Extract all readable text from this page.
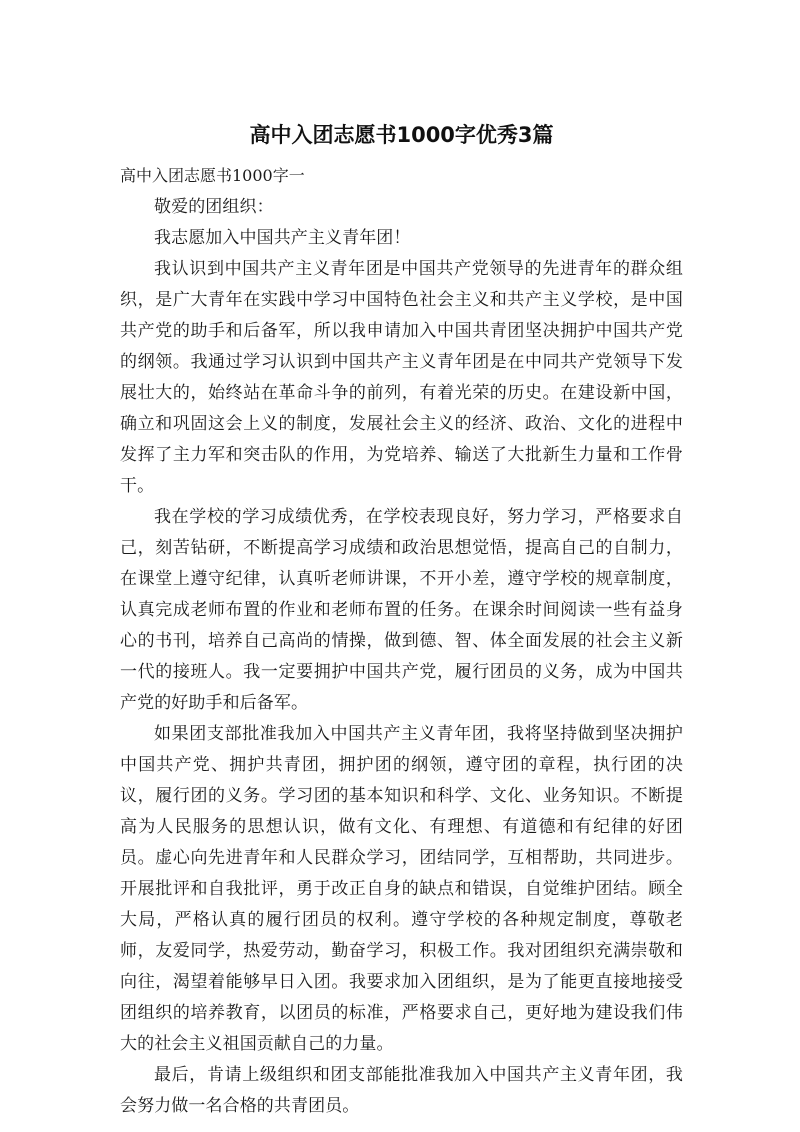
高中入团志愿书1000字优秀3篇

高中入团志愿书1000字一

敬爱的团组织：

我志愿加入中国共产主义青年团！

我认识到中国共产主义青年团是中国共产党领导的先进青年的群众组织，是广大青年在实践中学习中国特色社会主义和共产主义学校，是中国共产党的助手和后备军，所以我申请加入中国共青团坚决拥护中国共产党的纲领。我通过学习认识到中国共产主义青年团是在中同共产党领导下发展壮大的，始终站在革命斗争的前列，有着光荣的历史。在建设新中国，确立和巩固这会上义的制度，发展社会主义的经济、政治、文化的进程中发挥了主力军和突击队的作用，为党培养、输送了大批新生力量和工作骨干。

我在学校的学习成绩优秀，在学校表现良好，努力学习，严格要求自己，刻苦钻研，不断提高学习成绩和政治思想觉悟，提高自己的自制力，在课堂上遵守纪律，认真听老师讲课，不开小差，遵守学校的规章制度，认真完成老师布置的作业和老师布置的任务。在课余时间阅读一些有益身心的书刊，培养自己高尚的情操，做到德、智、体全面发展的社会主义新一代的接班人。我一定要拥护中国共产党，履行团员的义务，成为中国共产党的好助手和后备军。

如果团支部批准我加入中国共产主义青年团，我将坚持做到坚决拥护中国共产党、拥护共青团，拥护团的纲领，遵守团的章程，执行团的决议，履行团的义务。学习团的基本知识和科学、文化、业务知识。不断提高为人民服务的思想认识，做有文化、有理想、有道德和有纪律的好团员。虚心向先进青年和人民群众学习，团结同学，互相帮助，共同进步。开展批评和自我批评，勇于改正自身的缺点和错误，自觉维护团结。顾全大局，严格认真的履行团员的权利。遵守学校的各种规定制度，尊敬老师，友爱同学，热爱劳动，勤奋学习，积极工作。我对团组织充满崇敬和向往，渴望着能够早日入团。我要求加入团组织，是为了能更直接地接受团组织的培养教育，以团员的标准，严格要求自己，更好地为建设我们伟大的社会主义祖国贡献自己的力量。

最后，肯请上级组织和团支部能批准我加入中国共产主义青年团，我会努力做一名合格的共青团员。
